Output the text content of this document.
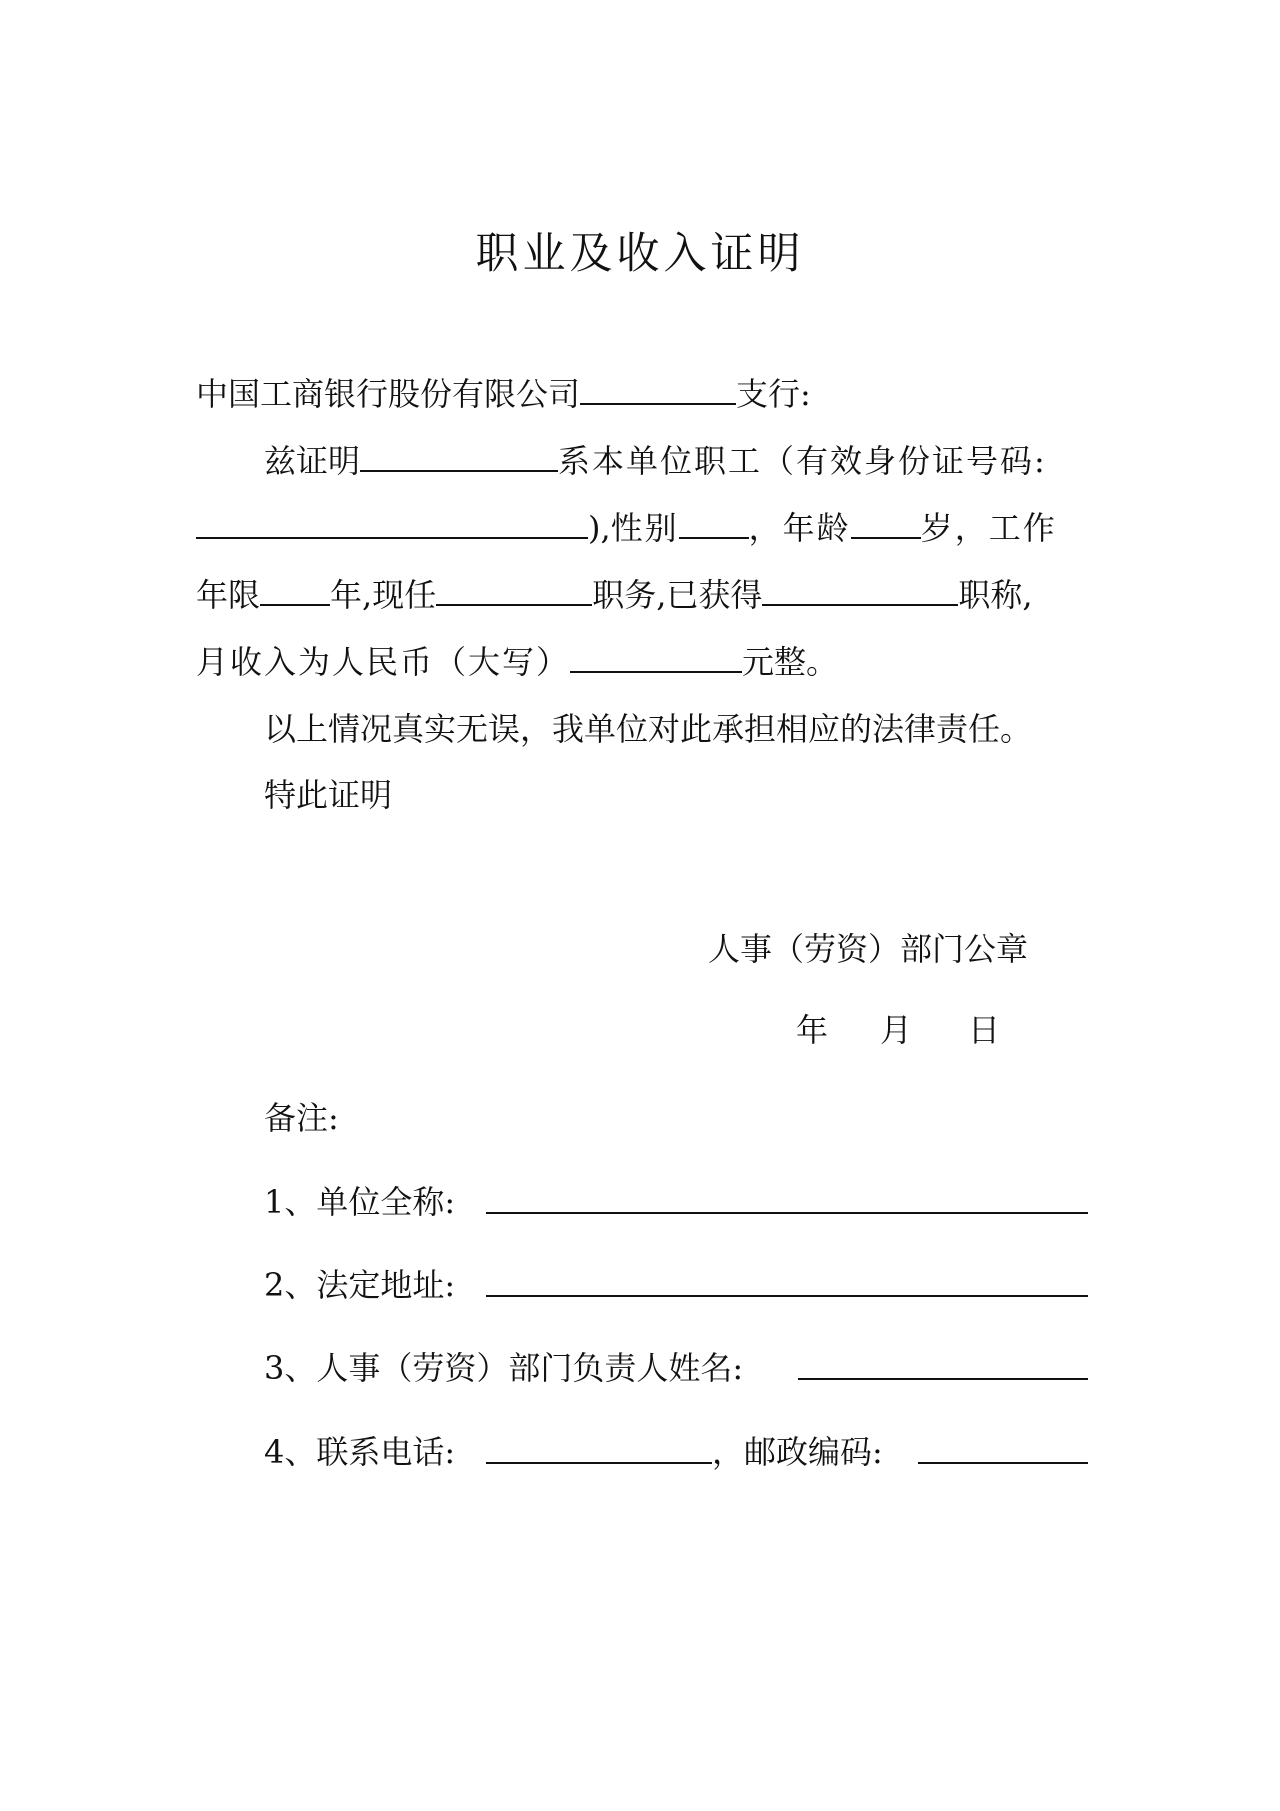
职业及收入证明
中国工商银行股份有限公司	支行:
兹证明	系本单位职工（有效身份证号码:
),性别 ，年龄 岁，工作
年限 年,现任	职务,已获得	职称,
月收入为人民币（大写）	元整。
以上情况真实无误，我单位对此承担相应的法律责任。
特此证明
人事（劳资）部门公章
年 月 日
备注:
1、单位全称:
2、法定地址:
3、人事（劳资）部门负责人姓名:
4、联系电话:	，邮政编码:
